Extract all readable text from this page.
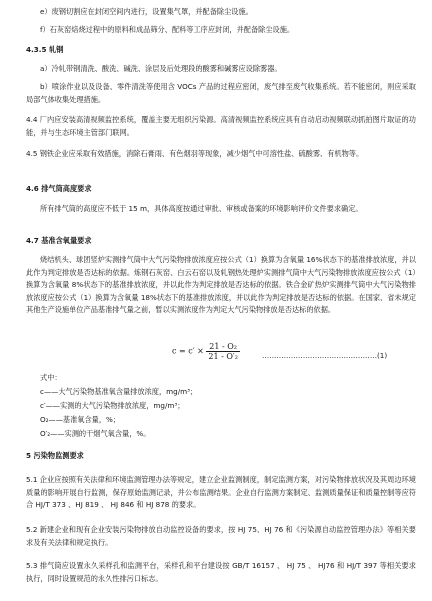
e）废钢切割应在封闭空间内进行，设置集气罩，并配备除尘设施。
f）石灰窑焙烧过程中的原料和成品筛分、配料等工序应封闭，并配备除尘设施。
4.3.5 轧钢
a）冷轧带钢清洗、酸洗、碱洗、涂层及后处理段的酸雾和碱雾应设除雾器。
b）喷涂作业以及设备、零件清洗等使用含 VOCs 产品的过程应密闭，废气排至废气收集系统。若不能密闭，则应采取局部气体收集处理措施。
4.4 厂内应安装高清视频监控系统，覆盖主要无组织污染源。高清视频监控系统应具有自动启动视频联动抓拍图片取证的功能，并与生态环境主管部门联网。
4.5 钢铁企业应采取有效措施，消除石膏雨、有色烟羽等现象，减少烟气中可溶性盐、硫酸雾、有机物等。
4.6 排气筒高度要求
所有排气筒的高度应不低于 15 m，具体高度按通过审批、审核或备案的环境影响评价文件要求确定。
4.7 基准含氧量要求
烧结机头、球团竖炉实测排气筒中大气污染物排放浓度应按公式（1）换算为含氧量 16%状态下的基准排放浓度，并以此作为判定排放是否达标的依据。炼钢石灰窑、白云石窑以及轧钢热处理炉实测排气筒中大气污染物排放浓度应按公式（1）换算为含氧量 8%状态下的基准排放浓度，并以此作为判定排放是否达标的依据。铁合金矿热炉实测排气筒中大气污染物排放浓度应按公式（1）换算为含氧量 18%状态下的基准排放浓度，并以此作为判定排放是否达标的依据。在国家、省未规定其他生产设施单位产品基准排气量之前，暂以实测浓度作为判定大气污染物排放是否达标的依据。
$c = c' \times \frac{\text{21 - O₂}}{\text{21 - O′₂}}$	…………………………………………(1)
式中：
c——大气污染物基准氧含量排放浓度，mg/m³；
c′——实测的大气污染物排放浓度，mg/m³；
O₂——基准氧含量，%；
O′₂——实测的干烟气氧含量，%。
5 污染物监测要求
5.1 企业应按照有关法律和环境监测管理办法等规定，建立企业监测制度，制定监测方案，对污染物排放状况及其周边环境质量的影响开展自行监测，保存原始监测记录，并公布监测结果。企业自行监测方案制定、监测质量保证和质量控制等应符合 HJ/T 373 、HJ 819 、 HJ 846 和 HJ 878 的要求。
5.2 新建企业和现有企业安装污染物排放自动监控设备的要求，按 HJ 75、HJ 76 和《污染源自动监控管理办法》等相关要求及有关法律和规定执行。
5.3 排气筒应设置永久采样孔和监测平台，采样孔和平台建设按 GB/T 16157 、 HJ 75 、 HJ76 和 HJ/T 397 等相关要求执行，同时设置规范的永久性排污口标志。
